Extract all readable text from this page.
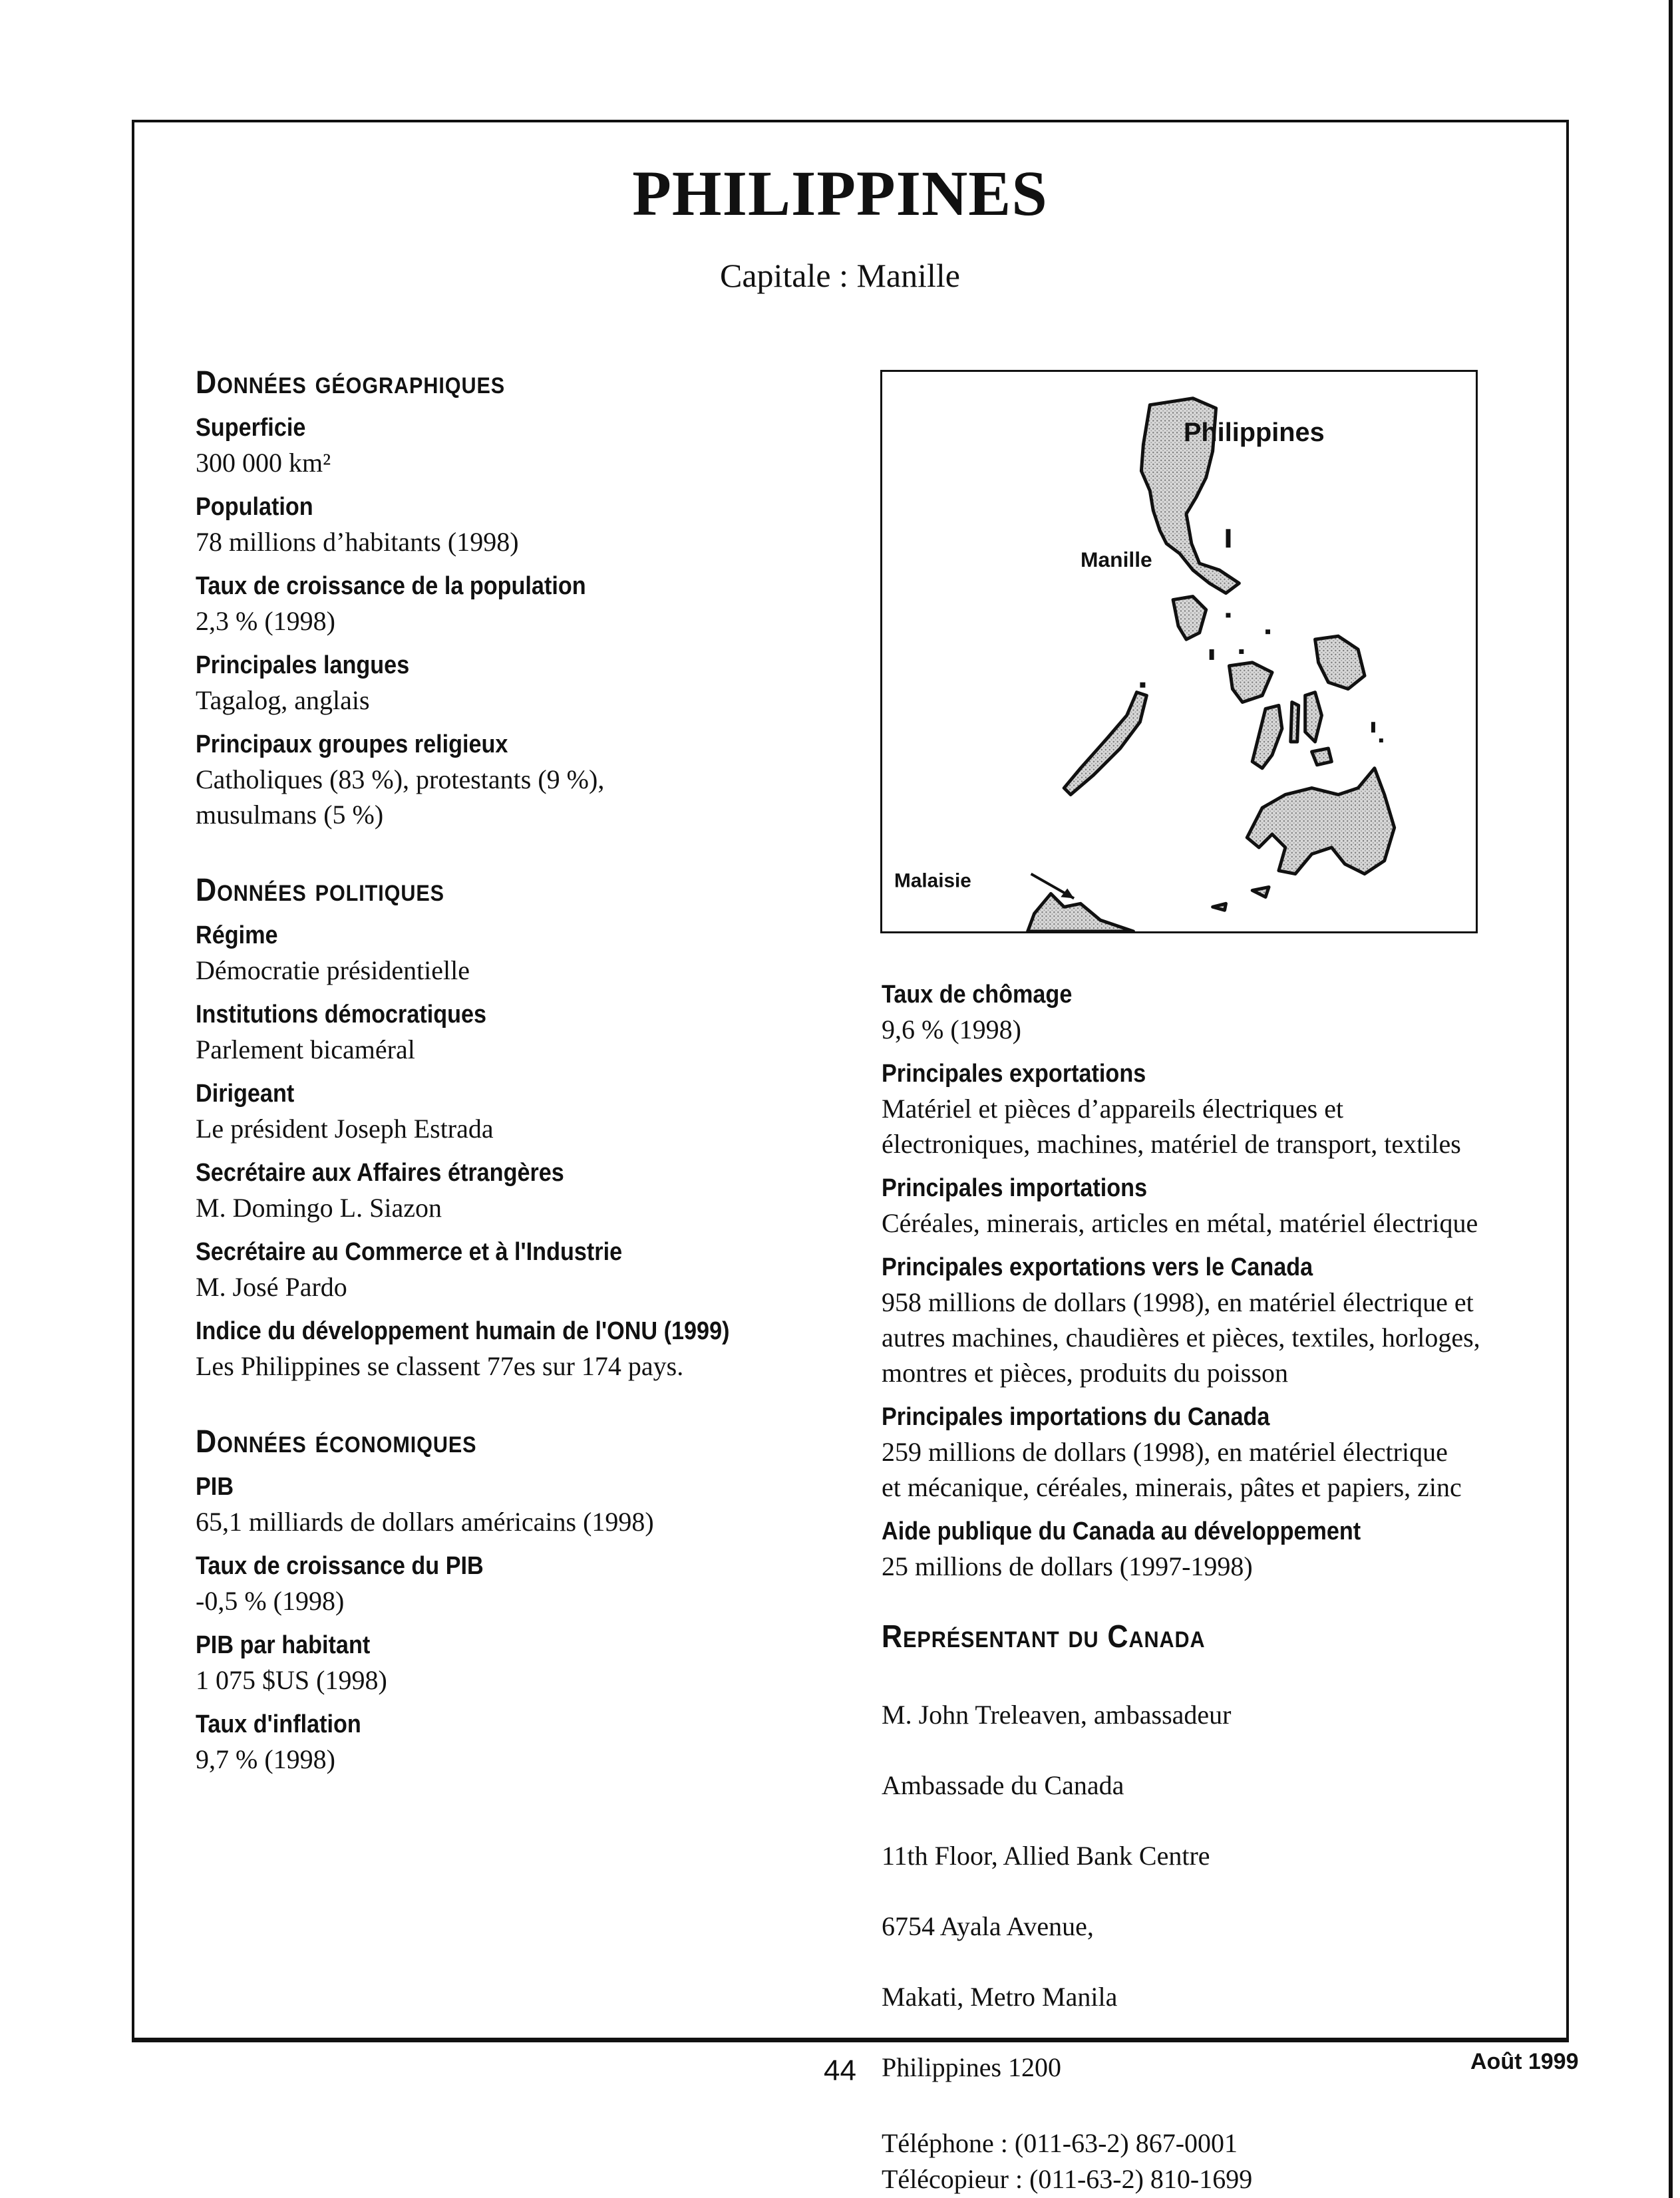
PHILIPPINES
Capitale : Manille
Données géographiques
Superficie
300 000 km²
Population
78 millions d’habitants (1998)
Taux de croissance de la population
2,3 % (1998)
Principales langues
Tagalog, anglais
Principaux groupes religieux
Catholiques (83 %), protestants (9 %),
musulmans (5 %)
Données politiques
Régime
Démocratie présidentielle
Institutions démocratiques
Parlement bicaméral
Dirigeant
Le président Joseph Estrada
Secrétaire aux Affaires étrangères
M. Domingo L. Siazon
Secrétaire au Commerce et à l'Industrie
M. José Pardo
Indice du développement humain de l'ONU (1999)
Les Philippines se classent 77es sur 174 pays.
Données économiques
PIB
65,1 milliards de dollars américains (1998)
Taux de croissance du PIB
-0,5 % (1998)
PIB par habitant
1 075 $US (1998)
Taux d'inflation
9,7 % (1998)
Philippines
Manille
Malaisie
Taux de chômage
9,6 % (1998)
Principales exportations
Matériel et pièces d’appareils électriques et
électroniques, machines, matériel de transport, textiles
Principales importations
Céréales, minerais, articles en métal, matériel électrique
Principales exportations vers le Canada
958 millions de dollars (1998), en matériel électrique et
autres machines, chaudières et pièces, textiles, horloges,
montres et pièces, produits du poisson
Principales importations du Canada
259 millions de dollars (1998), en matériel électrique
et mécanique, céréales, minerais, pâtes et papiers, zinc
Aide publique du Canada au développement
25 millions de dollars (1997-1998)
Représentant du Canada

M. John Treleaven, ambassadeur

Ambassade du Canada

11th Floor, Allied Bank Centre

6754 Ayala Avenue,

Makati, Metro Manila

Philippines 1200

Téléphone : (011-63-2) 867-0001
Télécopieur : (011-63-2) 810-1699
44	Août 1999
